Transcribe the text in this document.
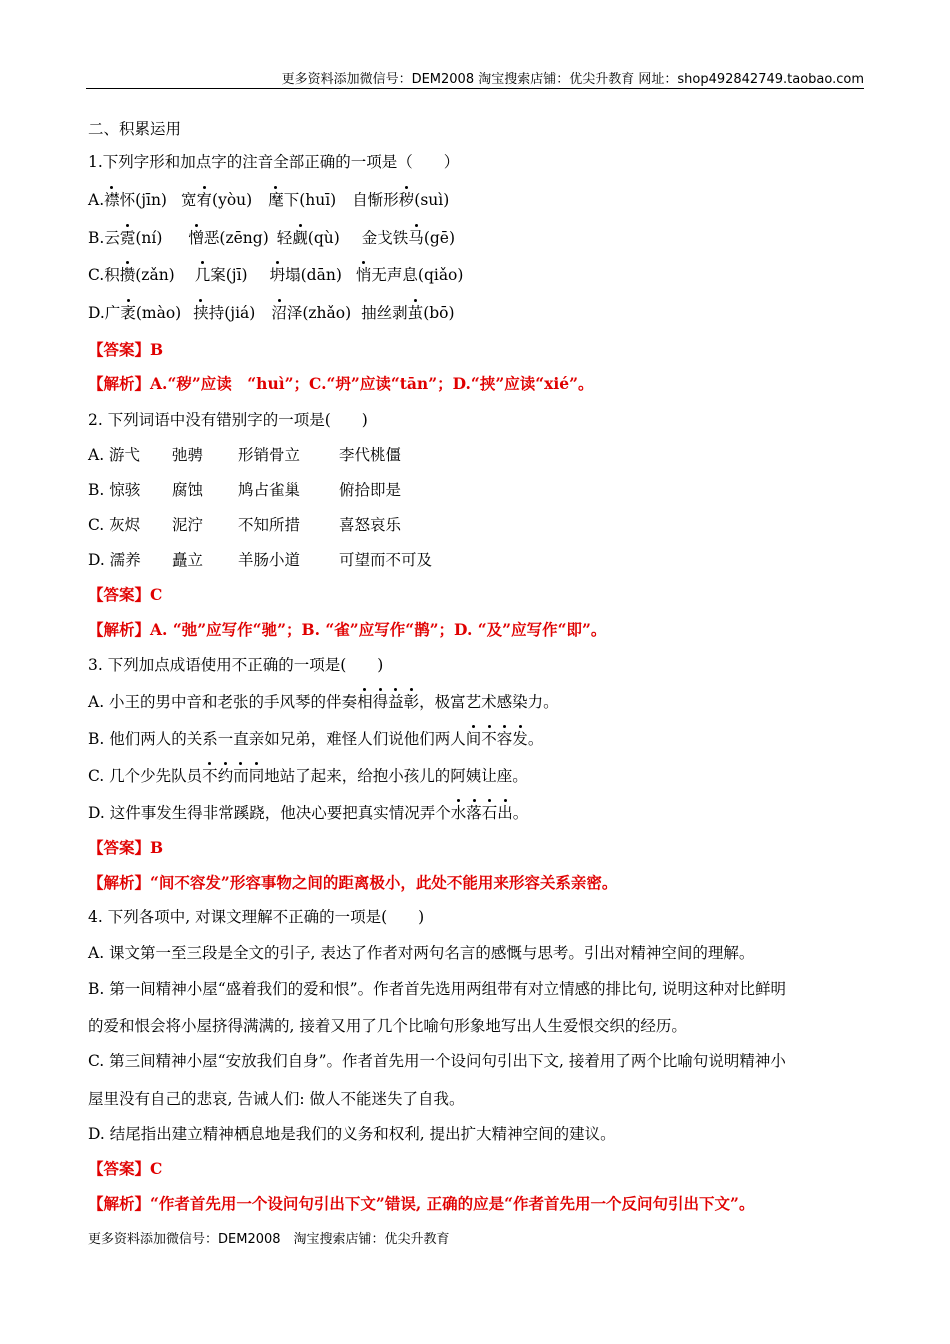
更多资料添加微信号：DEM2008 淘宝搜索店铺：优尖升教育 网址：shop492842749.taobao.com
二、积累运用
1.下列字形和加点字的注音全部正确的一项是（　　）
A.襟怀(jīn) 宽宥(yòu) 麾下(huī) 自惭形秽(suì)
B.云霓(ní) 憎恶(zēng) 轻觑(qù) 金戈铁马(gē)
C.积攒(zǎn) 几案(jī) 坍塌(dān) 悄无声息(qiǎo)
D.广袤(mào) 挟持(jiá) 沼泽(zhǎo) 抽丝剥茧(bō)
【答案】B
【解析】A.“秽”应读　“huì”；C.“坍”应读“tān”；D.“挟”应读“xié”。
2. 下列词语中没有错别字的一项是(　　)
A. 游弋 弛骋 形销骨立	李代桃僵
B. 惊骇 腐蚀 鸠占雀巢	俯拾即是
C. 灰烬 泥泞 不知所措	喜怒哀乐
D. 濡养 矗立 羊肠小道	可望而不可及
【答案】C
【解析】A. “弛”应写作“驰”；B. “雀”应写作“鹊”；D. “及”应写作“即”。
3. 下列加点成语使用不正确的一项是(　　)
A. 小王的男中音和老张的手风琴的伴奏相得益彰，极富艺术感染力。
B. 他们两人的关系一直亲如兄弟，难怪人们说他们两人间不容发。
C. 几个少先队员不约而同地站了起来，给抱小孩儿的阿姨让座。
D. 这件事发生得非常蹊跷，他决心要把真实情况弄个水落石出。
【答案】B
【解析】“间不容发”形容事物之间的距离极小，此处不能用来形容关系亲密。
4. 下列各项中, 对课文理解不正确的一项是(　　)
A. 课文第一至三段是全文的引子, 表达了作者对两句名言的感慨与思考。引出对精神空间的理解。
B. 第一间精神小屋“盛着我们的爱和恨”。作者首先选用两组带有对立情感的排比句, 说明这种对比鲜明
的爱和恨会将小屋挤得满满的, 接着又用了几个比喻句形象地写出人生爱恨交织的经历。
C. 第三间精神小屋“安放我们自身”。作者首先用一个设问句引出下文, 接着用了两个比喻句说明精神小
屋里没有自己的悲哀, 告诫人们: 做人不能迷失了自我。
D. 结尾指出建立精神栖息地是我们的义务和权利, 提出扩大精神空间的建议。
【答案】C
【解析】“作者首先用一个设问句引出下文”错误, 正确的应是“作者首先用一个反问句引出下文”。
更多资料添加微信号：DEM2008　淘宝搜索店铺：优尖升教育
